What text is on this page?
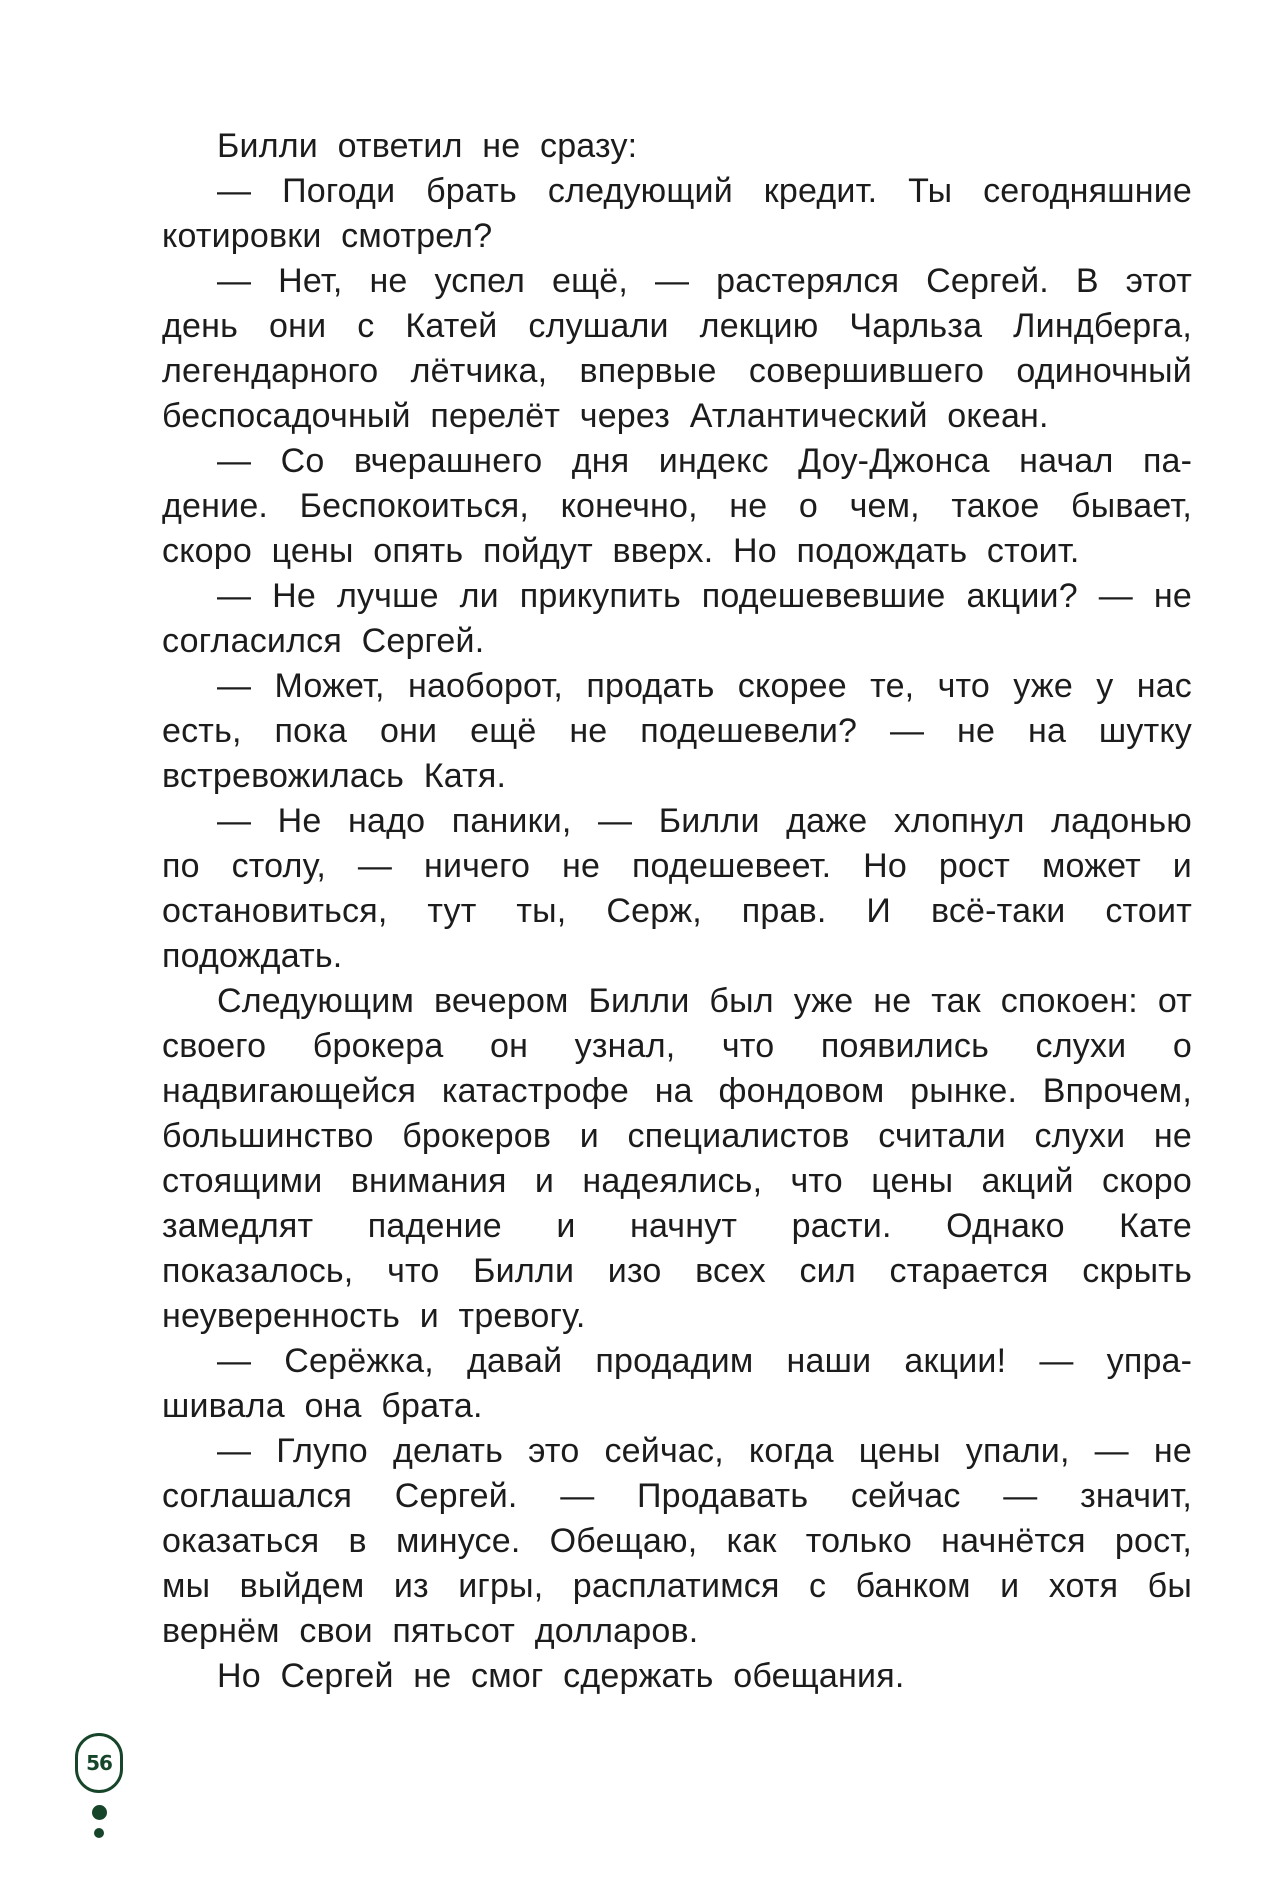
Билли ответил не сразу:

— Погоди брать следующий кредит. Ты сегодняшние котировки смотрел?

— Нет, не успел ещё, — растерялся Сергей. В этот день они с Катей слушали лекцию Чарльза Линдберга, легендарного лётчика, впервые совершившего одиночный беспосадочный перелёт через Атлантический океан.

— Со вчерашнего дня индекс Доу-Джонса начал падение. Беспокоиться, конечно, не о чем, такое бывает, скоро цены опять пойдут вверх. Но подождать стоит.

— Не лучше ли прикупить подешевевшие акции? — не согласился Сергей.

— Может, наоборот, продать скорее те, что уже у нас есть, пока они ещё не подешевели? — не на шутку встревожилась Катя.

— Не надо паники, — Билли даже хлопнул ладонью по столу, — ничего не подешевеет. Но рост может и остановиться, тут ты, Серж, прав. И всё-таки стоит подождать.

Следующим вечером Билли был уже не так спокоен: от своего брокера он узнал, что появились слухи о надвигающейся катастрофе на фондовом рынке. Впрочем, большинство брокеров и специалистов считали слухи не стоящими внимания и надеялись, что цены акций скоро замедлят падение и начнут расти. Однако Кате показалось, что Билли изо всех сил старается скрыть неуверенность и тревогу.

— Серёжка, давай продадим наши акции! — упрашивала она брата.

— Глупо делать это сейчас, когда цены упали, — не соглашался Сергей. — Продавать сейчас — значит, оказаться в минусе. Обещаю, как только начнётся рост, мы выйдем из игры, расплатимся с банком и хотя бы вернём свои пятьсот долларов.

Но Сергей не смог сдержать обещания.

56
